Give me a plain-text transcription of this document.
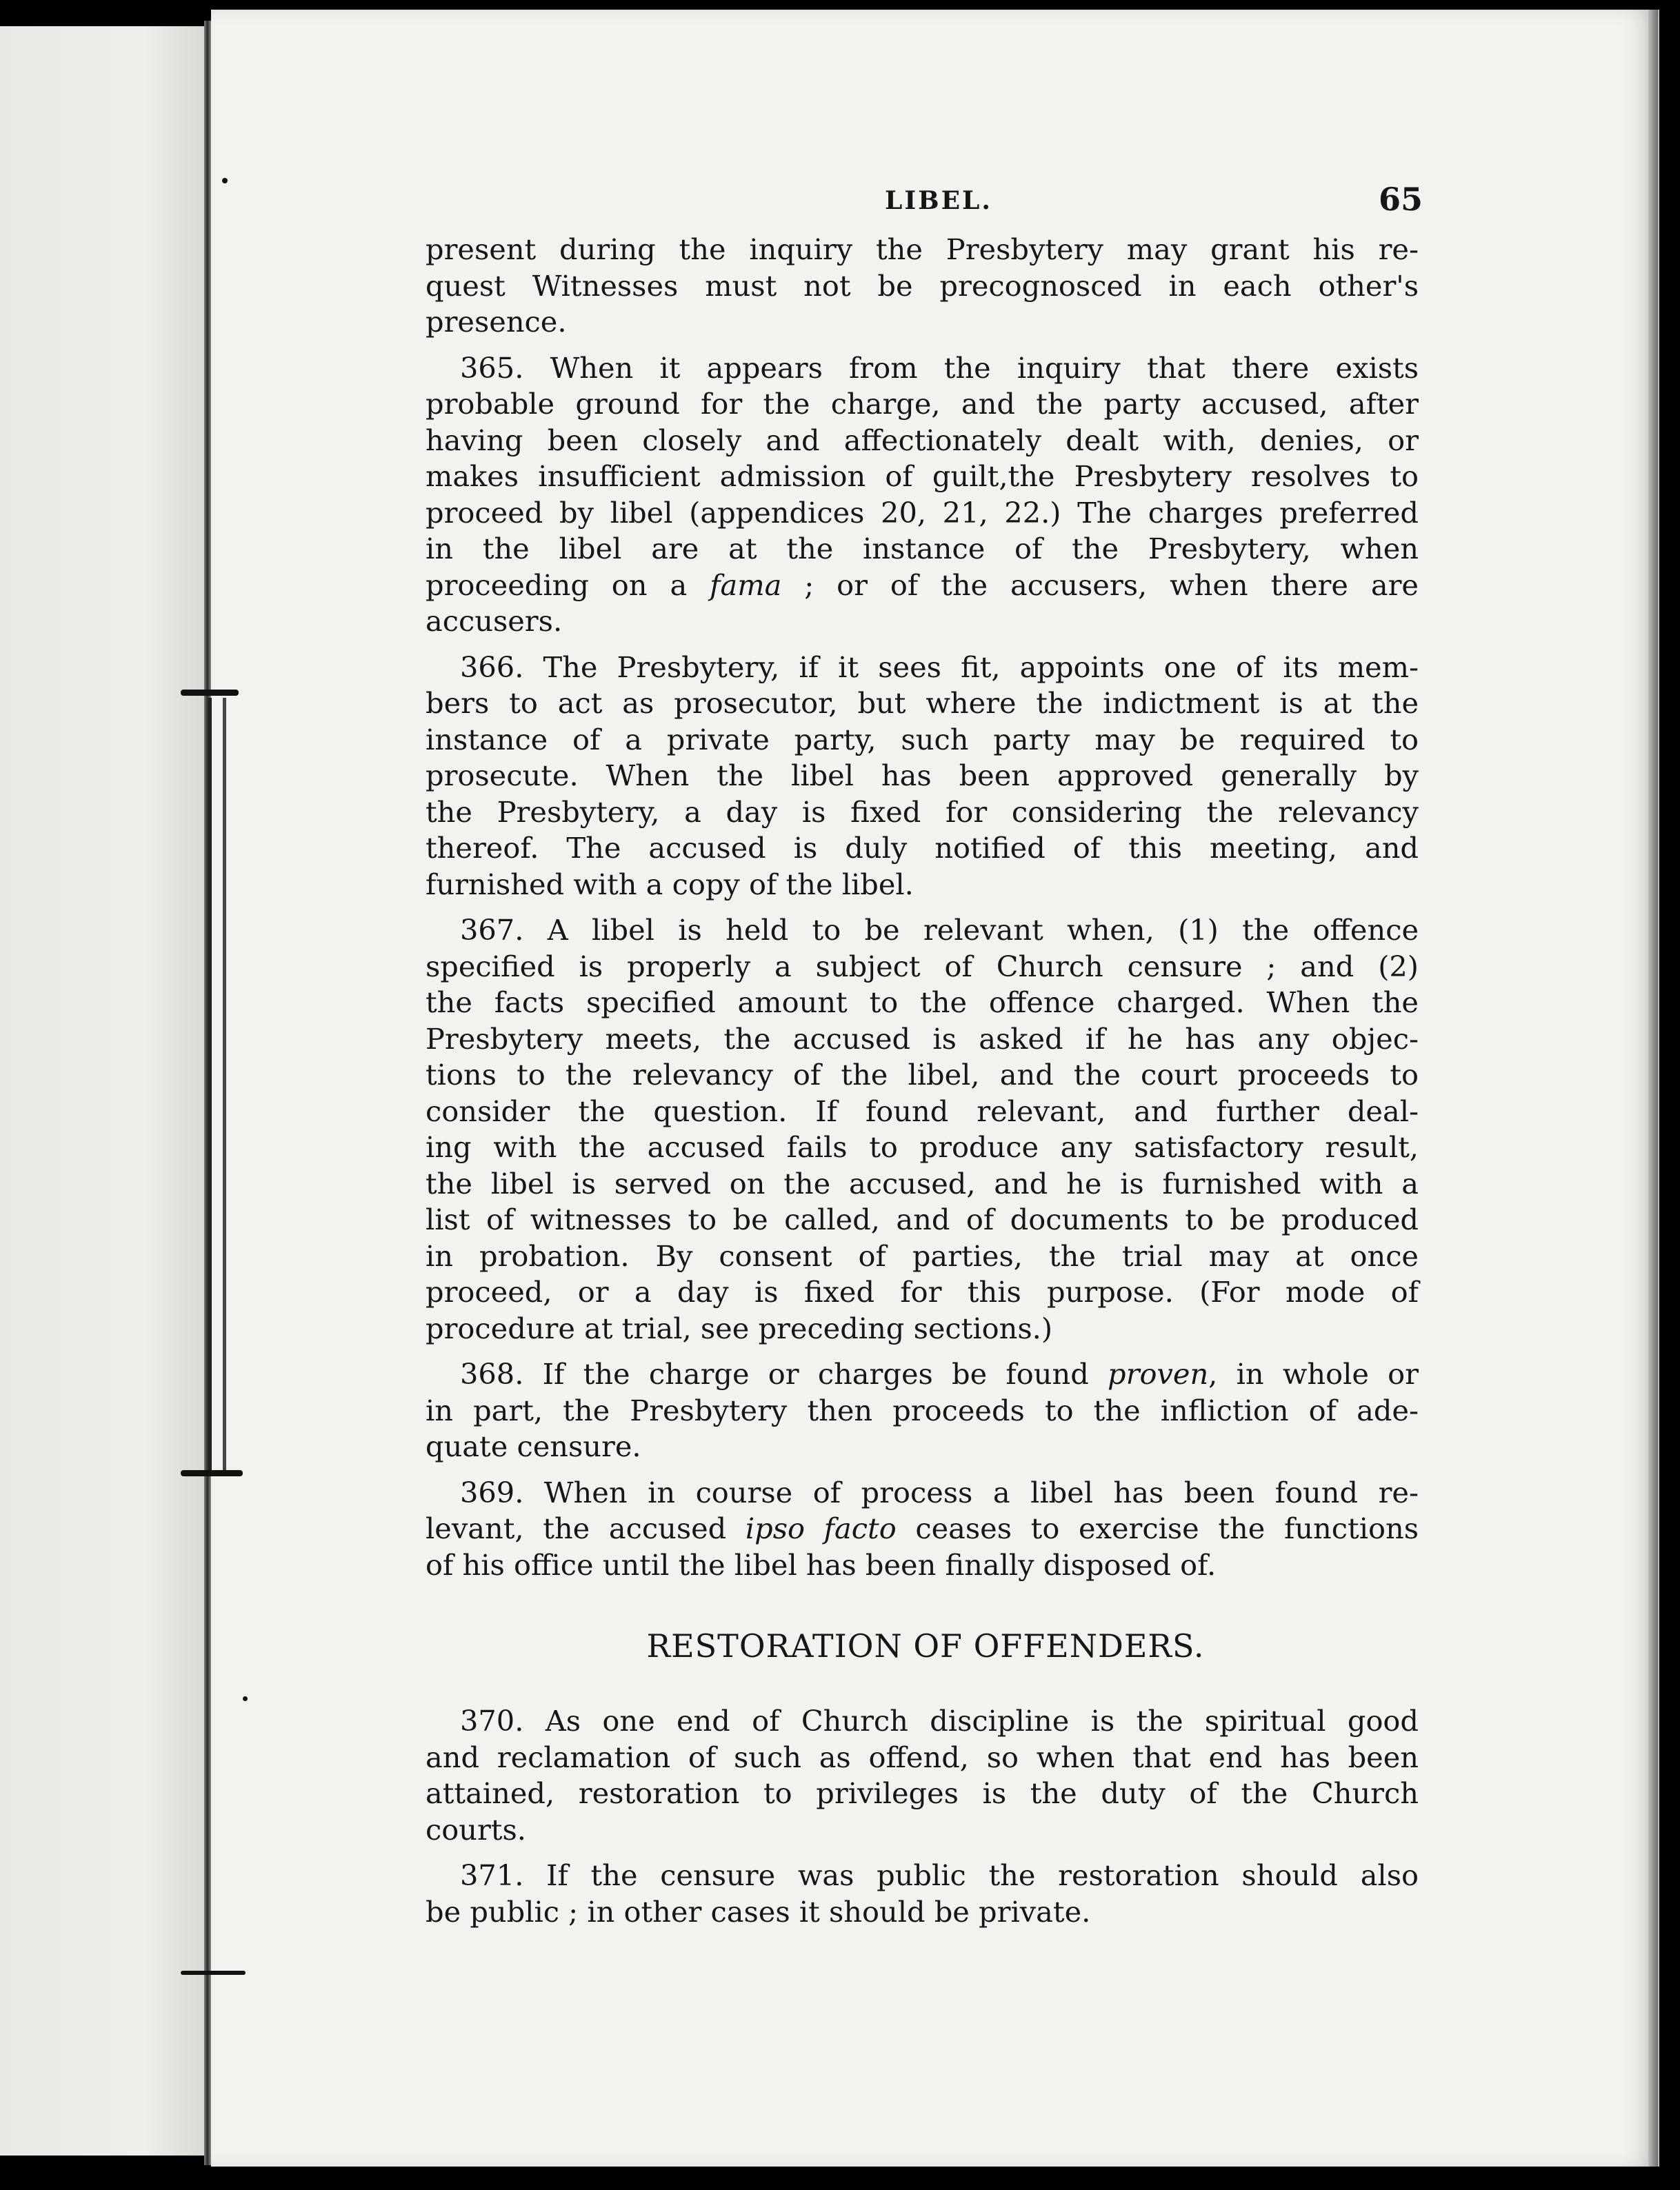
LIBEL.	65
present during the inquiry the Presbytery may grant his re-
quest Witnesses must not be precognosced in each other's
presence.
365. When it appears from the inquiry that there exists
probable ground for the charge, and the party accused, after
having been closely and affectionately dealt with, denies, or
makes insufficient admission of guilt,the Presbytery resolves to
proceed by libel (appendices 20, 21, 22.) The charges preferred
in the libel are at the instance of the Presbytery, when
proceeding on a fama ; or of the accusers, when there are
accusers.
366. The Presbytery, if it sees fit, appoints one of its mem-
bers to act as prosecutor, but where the indictment is at the
instance of a private party, such party may be required to
prosecute. When the libel has been approved generally by
the Presbytery, a day is fixed for considering the relevancy
thereof. The accused is duly notified of this meeting, and
furnished with a copy of the libel.
367. A libel is held to be relevant when, (1) the offence
specified is properly a subject of Church censure ; and (2)
the facts specified amount to the offence charged. When the
Presbytery meets, the accused is asked if he has any objec-
tions to the relevancy of the libel, and the court proceeds to
consider the question. If found relevant, and further deal-
ing with the accused fails to produce any satisfactory result,
the libel is served on the accused, and he is furnished with a
list of witnesses to be called, and of documents to be produced
in probation. By consent of parties, the trial may at once
proceed, or a day is fixed for this purpose. (For mode of
procedure at trial, see preceding sections.)
368. If the charge or charges be found proven, in whole or
in part, the Presbytery then proceeds to the infliction of ade-
quate censure.
369. When in course of process a libel has been found re-
levant, the accused ipso facto ceases to exercise the functions
of his office until the libel has been finally disposed of.
RESTORATION OF OFFENDERS.
370. As one end of Church discipline is the spiritual good
and reclamation of such as offend, so when that end has been
attained, restoration to privileges is the duty of the Church
courts.
371. If the censure was public the restoration should also
be public ; in other cases it should be private.
